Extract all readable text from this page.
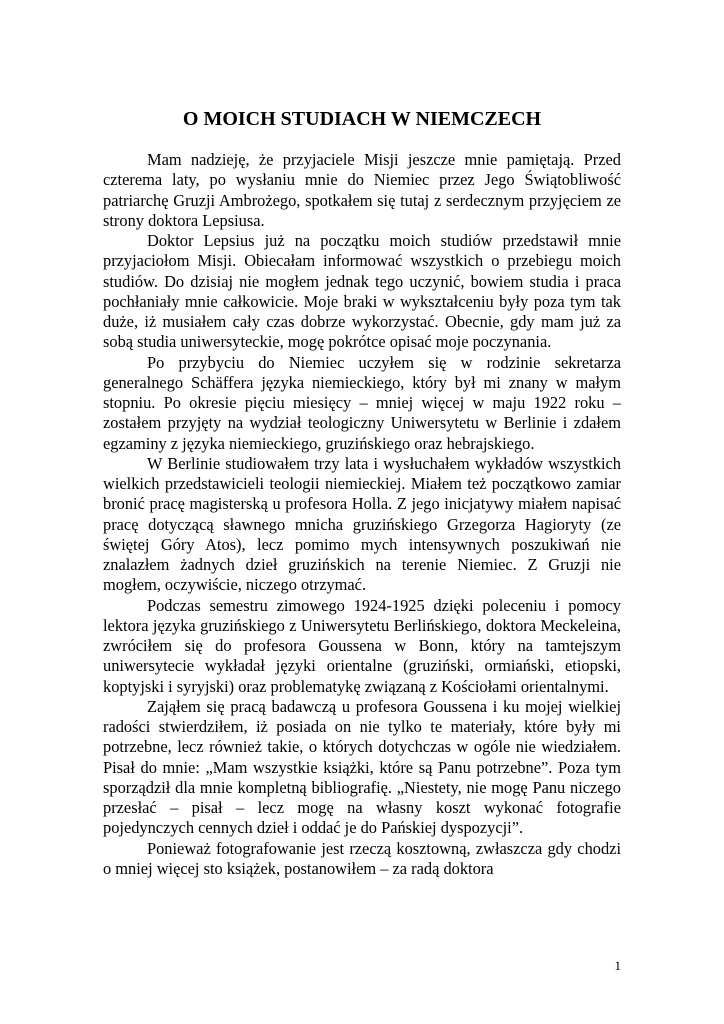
O MOICH STUDIACH W NIEMCZECH

Mam nadzieję, że przyjaciele Misji jeszcze mnie pamiętają. Przed czterema laty, po wysłaniu mnie do Niemiec przez Jego Świątobliwość patriarchę Gruzji Ambrożego, spotkałem się tutaj z serdecznym przyjęciem ze strony doktora Lepsiusa.

Doktor Lepsius już na początku moich studiów przedstawił mnie przyjaciołom Misji. Obiecałam informować wszystkich o przebiegu moich studiów. Do dzisiaj nie mogłem jednak tego uczynić, bowiem studia i praca pochłaniały mnie całkowicie. Moje braki w wykształceniu były poza tym tak duże, iż musiałem cały czas dobrze wykorzystać. Obecnie, gdy mam już za sobą studia uniwersyteckie, mogę pokrótce opisać moje poczynania.

Po przybyciu do Niemiec uczyłem się w rodzinie sekretarza generalnego Schäffera języka niemieckiego, który był mi znany w małym stopniu. Po okresie pięciu miesięcy – mniej więcej w maju 1922 roku – zostałem przyjęty na wydział teologiczny Uniwersytetu w Berlinie i zdałem egzaminy z języka niemieckiego, gruzińskiego oraz hebrajskiego.

W Berlinie studiowałem trzy lata i wysłuchałem wykładów wszystkich wielkich przedstawicieli teologii niemieckiej. Miałem też początkowo zamiar bronić pracę magisterską u profesora Holla. Z jego inicjatywy miałem napisać pracę dotyczącą sławnego mnicha gruzińskiego Grzegorza Hagioryty (ze świętej Góry Atos), lecz pomimo mych intensywnych poszukiwań nie znalazłem żadnych dzieł gruzińskich na terenie Niemiec. Z Gruzji nie mogłem, oczywiście, niczego otrzymać.

Podczas semestru zimowego 1924-1925 dzięki poleceniu i pomocy lektora języka gruzińskiego z Uniwersytetu Berlińskiego, doktora Meckeleina, zwróciłem się do profesora Goussena w Bonn, który na tamtejszym uniwersytecie wykładał języki orientalne (gruziński, ormiański, etiopski, koptyjski i syryjski) oraz problematykę związaną z Kościołami orientalnymi.

Zająłem się pracą badawczą u profesora Goussena i ku mojej wielkiej radości stwierdziłem, iż posiada on nie tylko te materiały, które były mi potrzebne, lecz również takie, o których dotychczas w ogóle nie wiedziałem. Pisał do mnie: „Mam wszystkie książki, które są Panu potrzebne”. Poza tym sporządził dla mnie kompletną bibliografię. „Niestety, nie mogę Panu niczego przesłać – pisał – lecz mogę na własny koszt wykonać fotografie pojedynczych cennych dzieł i oddać je do Pańskiej dyspozycji”.

Ponieważ fotografowanie jest rzeczą kosztowną, zwłaszcza gdy chodzi o mniej więcej sto książek, postanowiłem – za radą doktora

1
